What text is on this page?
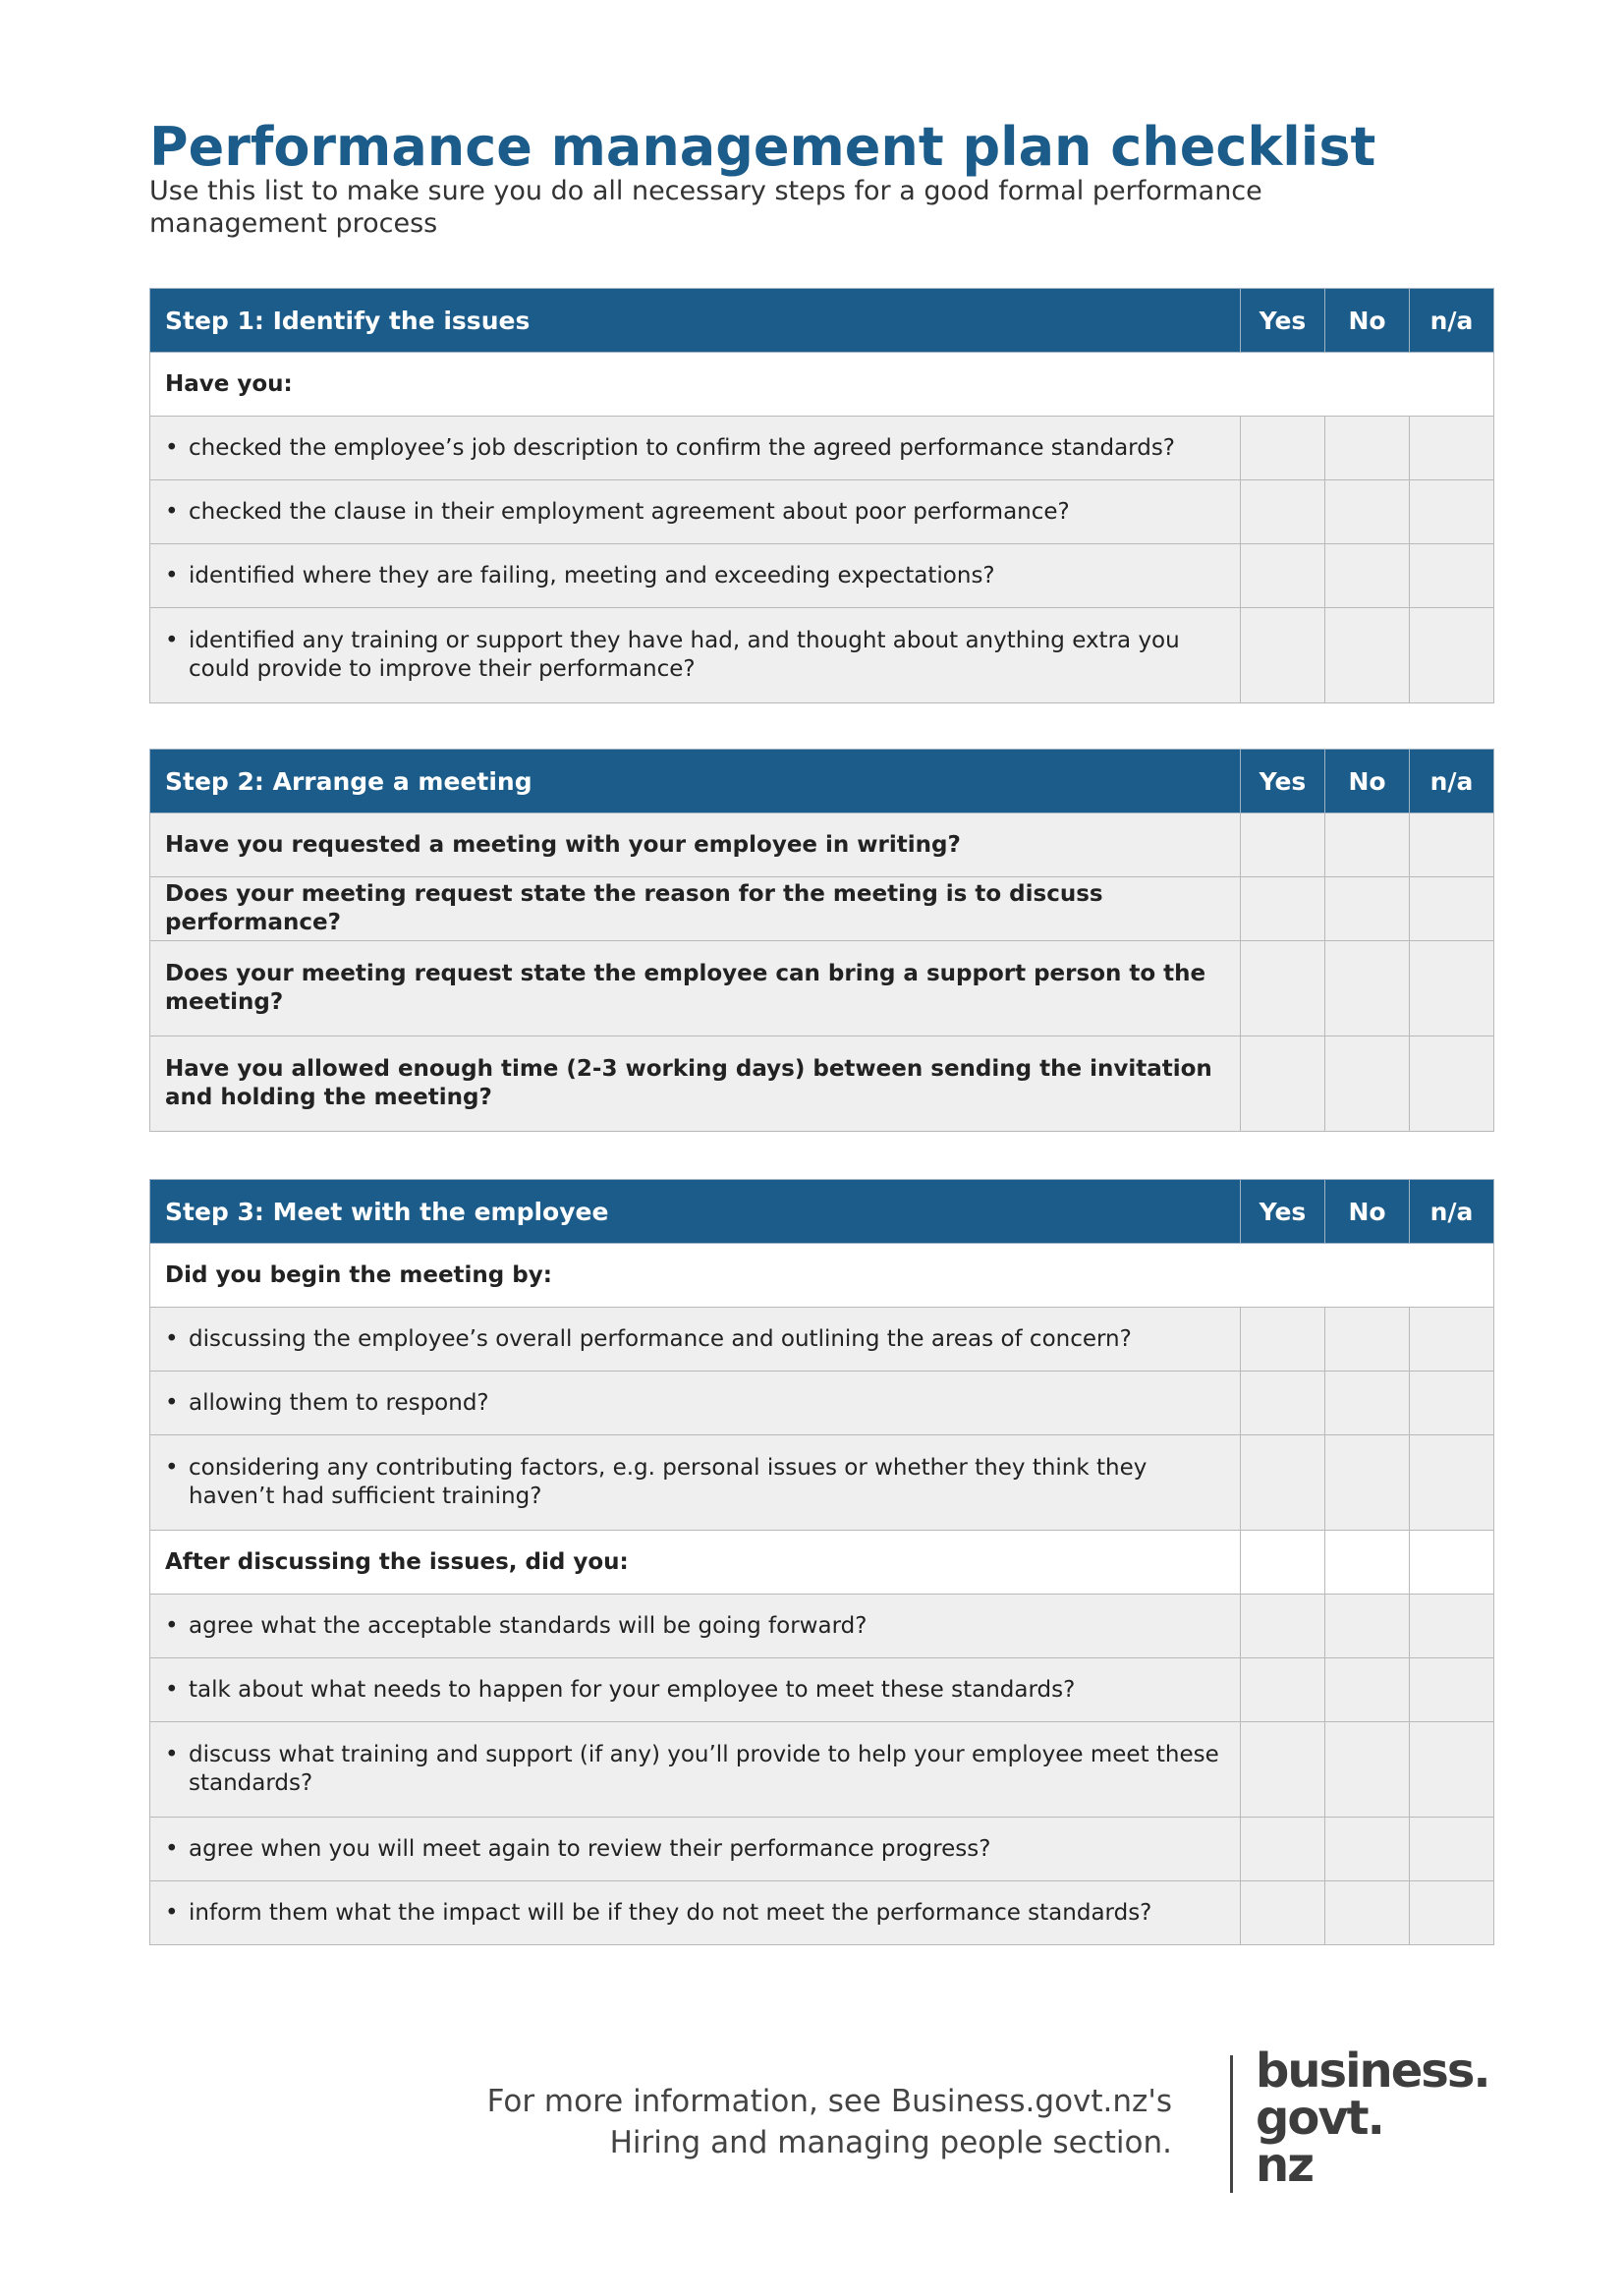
Performance management plan checklist
Use this list to make sure you do all necessary steps for a good formal performance management process
Step 1: Identify the issues	Yes	No	n/a
Have you:			

• checked the employee’s job description to confirm the agreed performance standards?			

• checked the clause in their employment agreement about poor performance?			

• identified where they are failing, meeting and exceeding expectations?			

• identified any training or support they have had, and thought about anything extra you could provide to improve their performance?			

Step 2: Arrange a meeting	Yes	No	n/a
Have you requested a meeting with your employee in writing?			
Does your meeting request state the reason for the meeting is to discuss performance?			
Does your meeting request state the employee can bring a support person to the meeting?			
Have you allowed enough time (2-3 working days) between sending the invitation and holding the meeting?			
Step 3: Meet with the employee	Yes	No	n/a
Did you begin the meeting by:			

• discussing the employee’s overall performance and outlining the areas of concern?			

• allowing them to respond?			

• considering any contributing factors, e.g. personal issues or whether they think they haven’t had sufficient training?			

After discussing the issues, did you:			

• agree what the acceptable standards will be going forward?			

• talk about what needs to happen for your employee to meet these standards?			

• discuss what training and support (if any) you’ll provide to help your employee meet these standards?			

• agree when you will meet again to review their performance progress?			

• inform them what the impact will be if they do not meet the performance standards?			

For more information, see Business.govt.nz's
Hiring and managing people section.
business.
govt.
nz
